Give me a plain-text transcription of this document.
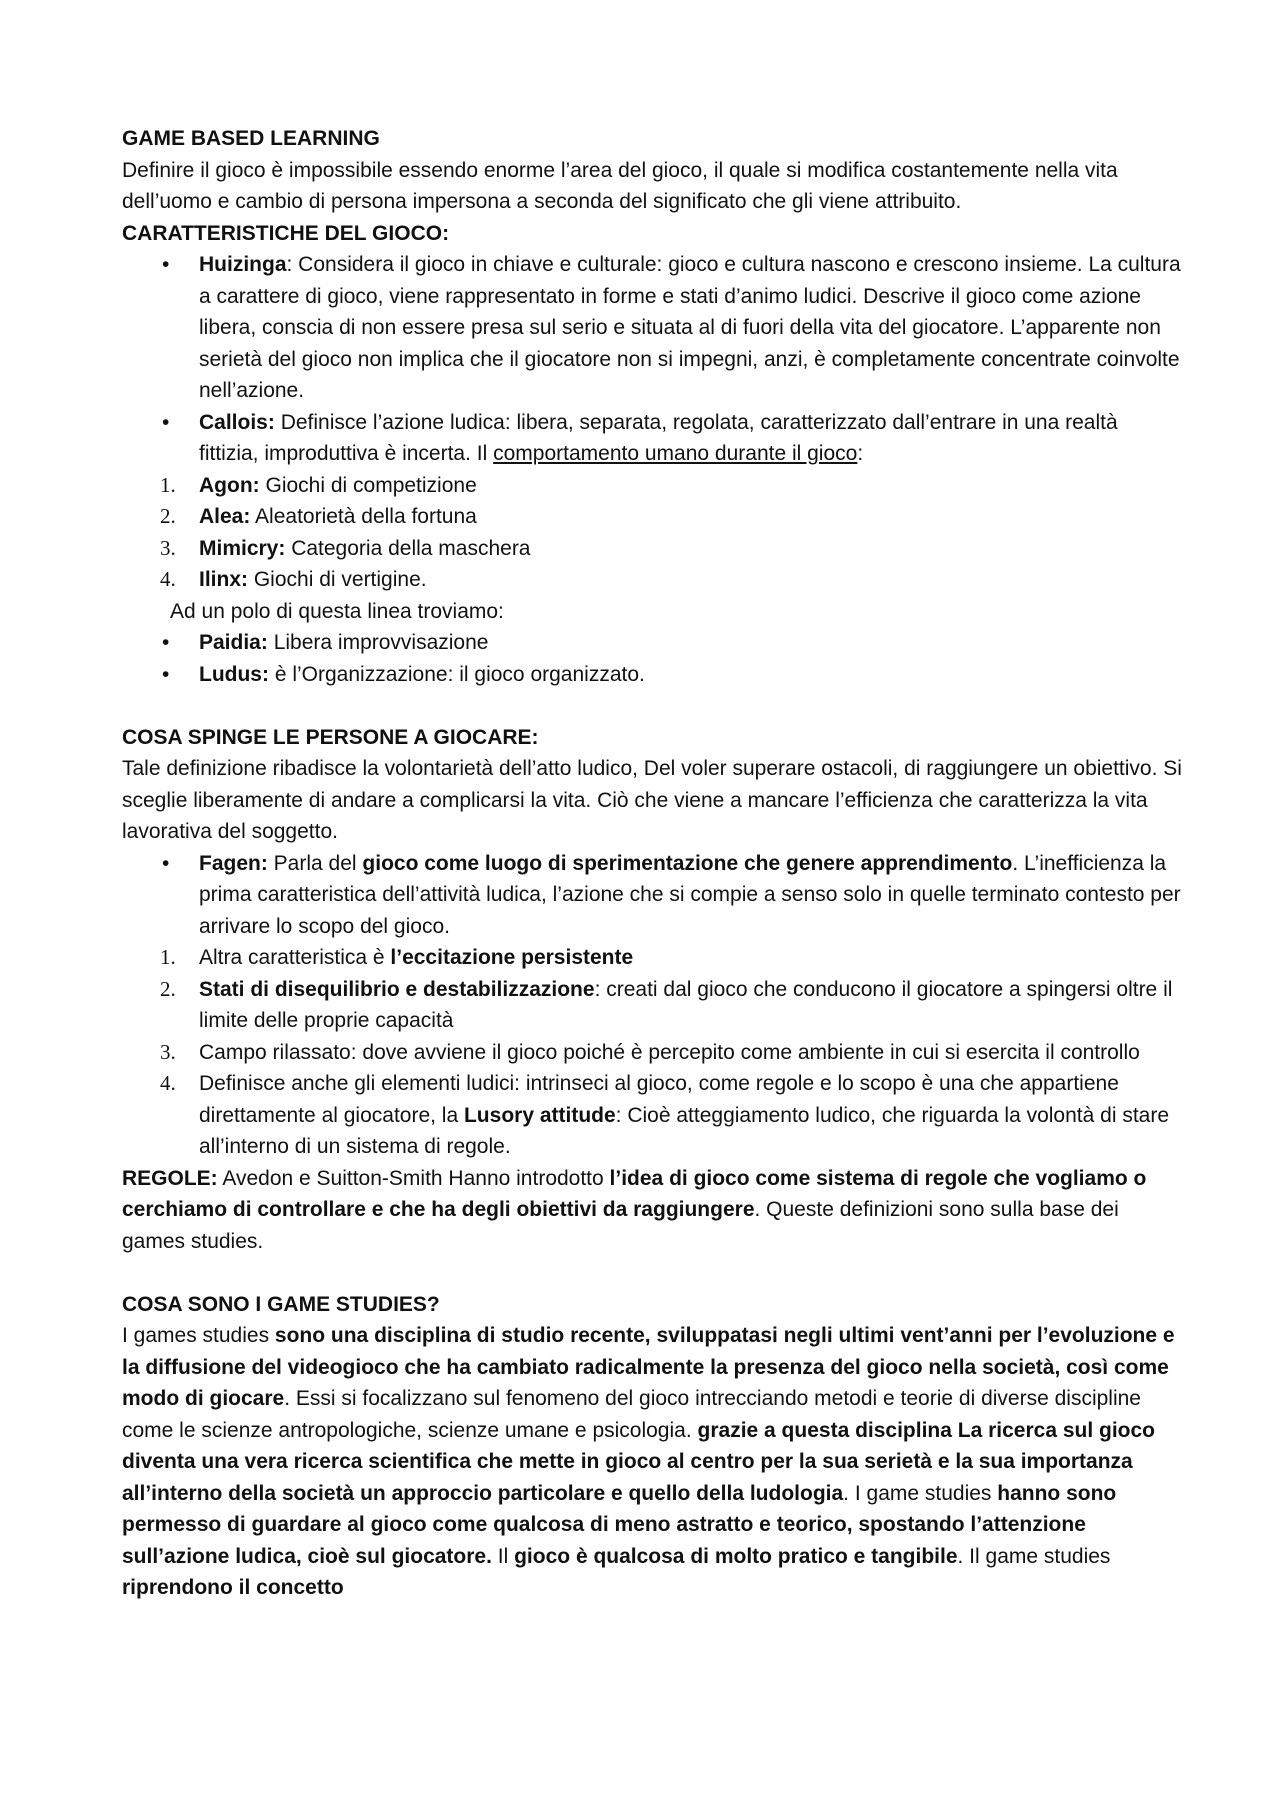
GAME BASED LEARNING

Definire il gioco è impossibile essendo enorme l’area del gioco, il quale si modifica costantemente nella vita dell’uomo e cambio di persona impersona a seconda del significato che gli viene attribuito.

CARATTERISTICHE DEL GIOCO:
•	Huizinga: Considera il gioco in chiave e culturale: gioco e cultura nascono e crescono insieme. La cultura a carattere di gioco, viene rappresentato in forme e stati d’animo ludici. Descrive il gioco come azione libera, conscia di non essere presa sul serio e situata al di fuori della vita del giocatore. L’apparente non serietà del gioco non implica che il giocatore non si impegni, anzi, è completamente concentrate coinvolte nell’azione.
•	Callois: Definisce l’azione ludica: libera, separata, regolata, caratterizzato dall’entrare in una realtà fittizia, improduttiva è incerta. Il comportamento umano durante il gioco:
1.	Agon: Giochi di competizione
2.	Alea: Aleatorietà della fortuna
3.	Mimicry: Categoria della maschera
4.	Ilinx: Giochi di vertigine.
Ad un polo di questa linea troviamo:
•	Paidia: Libera improvvisazione
•	Ludus: è l’Organizzazione: il gioco organizzato.
COSA SPINGE LE PERSONE A GIOCARE:

Tale definizione ribadisce la volontarietà dell’atto ludico, Del voler superare ostacoli, di raggiungere un obiettivo. Si sceglie liberamente di andare a complicarsi la vita. Ciò che viene a mancare l’efficienza che caratterizza la vita lavorativa del soggetto.

•	Fagen: Parla del gioco come luogo di sperimentazione che genere apprendimento. L’inefficienza la prima caratteristica dell’attività ludica, l’azione che si compie a senso solo in quelle terminato contesto per arrivare lo scopo del gioco.
1.	Altra caratteristica è l’eccitazione persistente
2.	Stati di disequilibrio e destabilizzazione: creati dal gioco che conducono il giocatore a spingersi oltre il limite delle proprie capacità
3.	Campo rilassato: dove avviene il gioco poiché è percepito come ambiente in cui si esercita il controllo
4.	Definisce anche gli elementi ludici: intrinseci al gioco, come regole e lo scopo è una che appartiene direttamente al giocatore, la Lusory attitude: Cioè atteggiamento ludico, che riguarda la volontà di stare all’interno di un sistema di regole.

REGOLE: Avedon e Suitton-Smith Hanno introdotto l’idea di gioco come sistema di regole che vogliamo o cerchiamo di controllare e che ha degli obiettivi da raggiungere. Queste definizioni sono sulla base dei games studies.

COSA SONO I GAME STUDIES?

I games studies sono una disciplina di studio recente, sviluppatasi negli ultimi vent’anni per l’evoluzione e la diffusione del videogioco che ha cambiato radicalmente la presenza del gioco nella società, così come modo di giocare. Essi si focalizzano sul fenomeno del gioco intrecciando metodi e teorie di diverse discipline come le scienze antropologiche, scienze umane e psicologia. grazie a questa disciplina La ricerca sul gioco diventa una vera ricerca scientifica che mette in gioco al centro per la sua serietà e la sua importanza all’interno della società un approccio particolare e quello della ludologia. I game studies hanno sono permesso di guardare al gioco come qualcosa di meno astratto e teorico, spostando l’attenzione sull’azione ludica, cioè sul giocatore. Il gioco è qualcosa di molto pratico e tangibile. Il game studies riprendono il concetto
